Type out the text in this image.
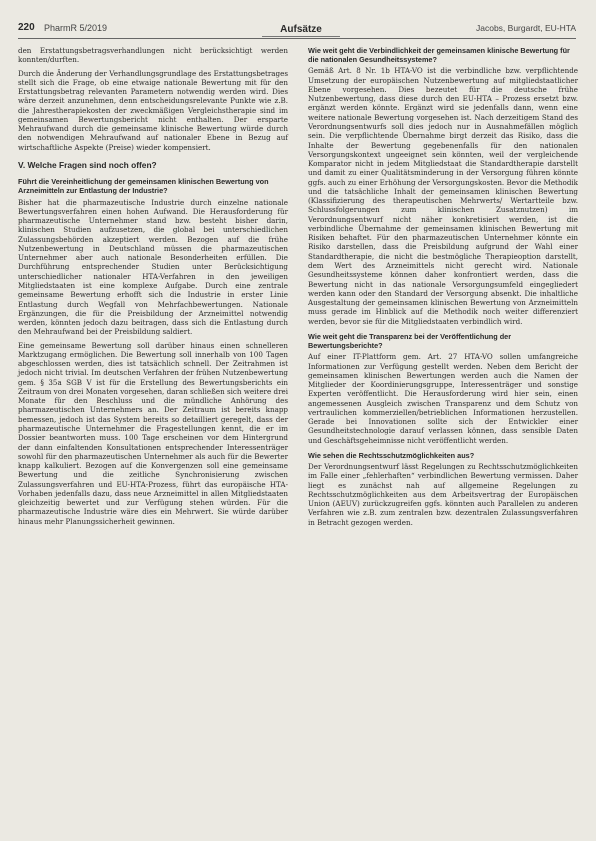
220 PharmR 5/2019	Aufsätze	Jacobs, Burgardt, EU-HTA

den Erstattungsbetragsverhandlungen nicht berücksichtigt werden konnten/durften.

Durch die Änderung der Verhandlungsgrundlage des Erstattungsbetrages stellt sich die Frage, ob eine etwaige nationale Bewertung mit für den Erstattungsbetrag relevanten Parametern notwendig werden wird. Dies wäre derzeit anzunehmen, denn entscheidungsrelevante Punkte wie z.B. die Jahrestherapiekosten der zweckmäßigen Vergleichstherapie sind im gemeinsamen Bewertungsbericht nicht enthalten. Der ersparte Mehraufwand durch die gemeinsame klinische Bewertung würde durch den notwendigen Mehraufwand auf nationaler Ebene in Bezug auf wirtschaftliche Aspekte (Preise) wieder kompensiert.

V. Welche Fragen sind noch offen?
Führt die Vereinheitlichung der gemeinsamen klinischen Bewertung von Arzneimitteln zur Entlastung der Industrie?

Bisher hat die pharmazeutische Industrie durch einzelne nationale Bewertungsverfahren einen hohen Aufwand. Die Herausforderung für pharmazeutische Unternehmer stand bzw. besteht bisher darin, klinischen Studien aufzusetzen, die global bei unterschiedlichen Zulassungsbehörden akzeptiert werden. Bezogen auf die frühe Nutzenbewertung in Deutschland müssen die pharmazeutischen Unternehmer aber auch nationale Besonderheiten erfüllen. Die Durchführung entsprechender Studien unter Berücksichtigung unterschiedlicher nationaler HTA-Verfahren in den jeweiligen Mitgliedstaaten ist eine komplexe Aufgabe. Durch eine zentrale gemeinsame Bewertung erhofft sich die Industrie in erster Linie Entlastung durch Wegfall von Mehrfachbewertungen. Nationale Ergänzungen, die für die Preisbildung der Arzneimittel notwendig werden, könnten jedoch dazu beitragen, dass sich die Entlastung durch den Mehraufwand bei der Preisbildung saldiert.

Eine gemeinsame Bewertung soll darüber hinaus einen schnelleren Marktzugang ermöglichen. Die Bewertung soll innerhalb von 100 Tagen abgeschlossen werden, dies ist tatsächlich schnell. Der Zeitrahmen ist jedoch nicht trivial. Im deutschen Verfahren der frühen Nutzenbewertung gem. § 35a SGB V ist für die Erstellung des Bewertungsberichts ein Zeitraum von drei Monaten vorgesehen, daran schließen sich weitere drei Monate für den Beschluss und die mündliche Anhörung des pharmazeutischen Unternehmers an. Der Zeitraum ist bereits knapp bemessen, jedoch ist das System bereits so detailliert geregelt, dass der pharmazeutische Unternehmer die Fragestellungen kennt, die er im Dossier beantworten muss. 100 Tage erscheinen vor dem Hintergrund der dann einfaltenden Konsultationen entsprechender Interessenträger sowohl für den pharmazeutischen Unternehmer als auch für die Bewerter knapp kalkuliert. Bezogen auf die Konvergenzen soll eine gemeinsame Bewertung und die zeitliche Synchronisierung zwischen Zulassungsverfahren und EU-HTA-Prozess, führt das europäische HTA-Vorhaben jedenfalls dazu, dass neue Arzneimittel in allen Mitgliedstaaten gleichzeitig bewertet und zur Verfügung stehen würden. Für die pharmazeutische Industrie wäre dies ein Mehrwert. Sie würde darüber hinaus mehr Planungssicherheit gewinnen.

Wie weit geht die Verbindlichkeit der gemeinsamen klinische Bewertung für die nationalen Gesundheitssysteme?

Gemäß Art. 8 Nr. 1b HTA-VO ist die verbindliche bzw. verpflichtende Umsetzung der europäischen Nutzenbewertung auf mitgliedstaatlicher Ebene vorgesehen. Dies bezeutet für die deutsche frühe Nutzenbewertung, dass diese durch den EU-HTA – Prozess ersetzt bzw. ergänzt werden könnte. Ergänzt wird sie jedenfalls dann, wenn eine weitere nationale Bewertung vorgesehen ist. Nach derzeitigem Stand des Verordnungsentwurfs soll dies jedoch nur in Ausnahmefällen möglich sein. Die verpflichtende Übernahme birgt derzeit das Risiko, dass die Inhalte der Bewertung gegebenenfalls für den nationalen Versorgungskontext ungeeignet sein könnten, weil der vergleichende Komparator nicht in jedem Mitgliedstaat die Standardtherapie darstellt und damit zu einer Qualitätsminderung in der Versorgung führen könnte ggfs. auch zu einer Erhöhung der Versorgungskosten. Bevor die Methodik und die tatsächliche Inhalt der gemeinsamen klinischen Bewertung (Klassifizierung des therapeutischen Mehrwerts/ Wertartteile bzw. Schlussfolgerungen zum klinischen Zusatznutzen) im Verordnungsentwurf nicht näher konkretisiert werden, ist die verbindliche Übernahme der gemeinsamen klinischen Bewertung mit Risiken behaftet. Für den pharmazeutischen Unternehmer könnte ein Risiko darstellen, dass die Preisbildung aufgrund der Wahl einer Standardtherapie, die nicht die bestmögliche Therapieoption darstellt, dem Wert des Arzneimittels nicht gerecht wird. Nationale Gesundheitssysteme können daher konfrontiert werden, dass die Bewertung nicht in das nationale Versorgungsumfeld eingegliedert werden kann oder den Standard der Versorgung absenkt. Die inhaltliche Ausgestaltung der gemeinsamen klinischen Bewertung von Arzneimitteln muss gerade im Hinblick auf die Methodik noch weiter differenziert werden, bevor sie für die Mitgliedstaaten verbindlich wird.

Wie weit geht die Transparenz bei der Veröffentlichung der Bewertungsberichte?

Auf einer IT-Plattform gem. Art. 27 HTA-VO sollen umfangreiche Informationen zur Verfügung gestellt werden. Neben dem Bericht der gemeinsamen klinischen Bewertungen werden auch die Namen der Mitglieder der Koordinierungsgruppe, Interessenträger und sonstige Experten veröffentlicht. Die Herausforderung wird hier sein, einen angemessenen Ausgleich zwischen Transparenz und dem Schutz von vertraulichen kommerziellen/betrieblichen Informationen herzustellen. Gerade bei Innovationen sollte sich der Entwickler einer Gesundheitstechnologie darauf verlassen können, dass sensible Daten und Geschäftsgeheimnisse nicht veröffentlicht werden.

Wie sehen die Rechtsschutzmöglichkeiten aus?

Der Verordnungsentwurf lässt Regelungen zu Rechtsschutzmöglichkeiten im Falle einer „fehlerhaften“ verbindlichen Bewertung vermissen. Daher liegt es zunächst nah auf allgemeine Regelungen zu Rechtsschutzmöglichkeiten aus dem Arbeitsvertrag der Europäischen Union (AEUV) zurückzugreifen ggfs. könnten auch Parallelen zu anderen Verfahren wie z.B. zum zentralen bzw. dezentralen Zulassungsverfahren in Betracht gezogen werden.
